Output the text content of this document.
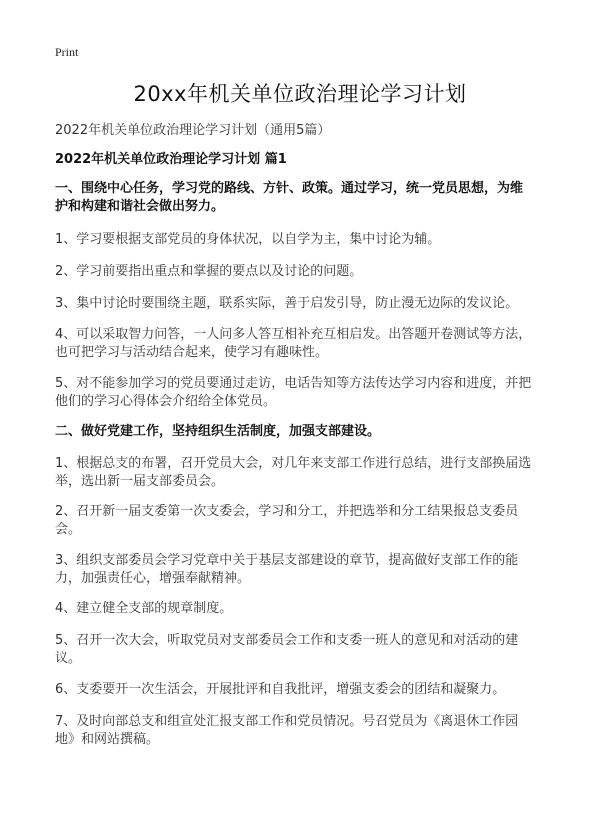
Print
20xx年机关单位政治理论学习计划
2022年机关单位政治理论学习计划（通用5篇）
2022年机关单位政治理论学习计划 篇1
一、围绕中心任务，学习党的路线、方针、政策。通过学习，统一党员思想，为维护和构建和谐社会做出努力。
1、学习要根据支部党员的身体状况，以自学为主，集中讨论为辅。
2、学习前要指出重点和掌握的要点以及讨论的问题。
3、集中讨论时要围绕主题，联系实际，善于启发引导，防止漫无边际的发议论。
4、可以采取智力问答，一人问多人答互相补充互相启发。出答题开卷测试等方法，也可把学习与活动结合起来，使学习有趣味性。
5、对不能参加学习的党员要通过走访，电话告知等方法传达学习内容和进度，并把他们的学习心得体会介绍给全体党员。
二、做好党建工作，坚持组织生活制度，加强支部建设。
1、根据总支的布署，召开党员大会，对几年来支部工作进行总结，进行支部换届选举，选出新一届支部委员会。
2、召开新一届支委第一次支委会，学习和分工，并把选举和分工结果报总支委员会。
3、组织支部委员会学习党章中关于基层支部建设的章节，提高做好支部工作的能力，加强责任心，增强奉献精神。
4、建立健全支部的规章制度。
5、召开一次大会，听取党员对支部委员会工作和支委一班人的意见和对活动的建议。
6、支委要开一次生活会，开展批评和自我批评，增强支委会的团结和凝聚力。
7、及时向部总支和组宣处汇报支部工作和党员情况。号召党员为《离退休工作园地》和网站撰稿。
